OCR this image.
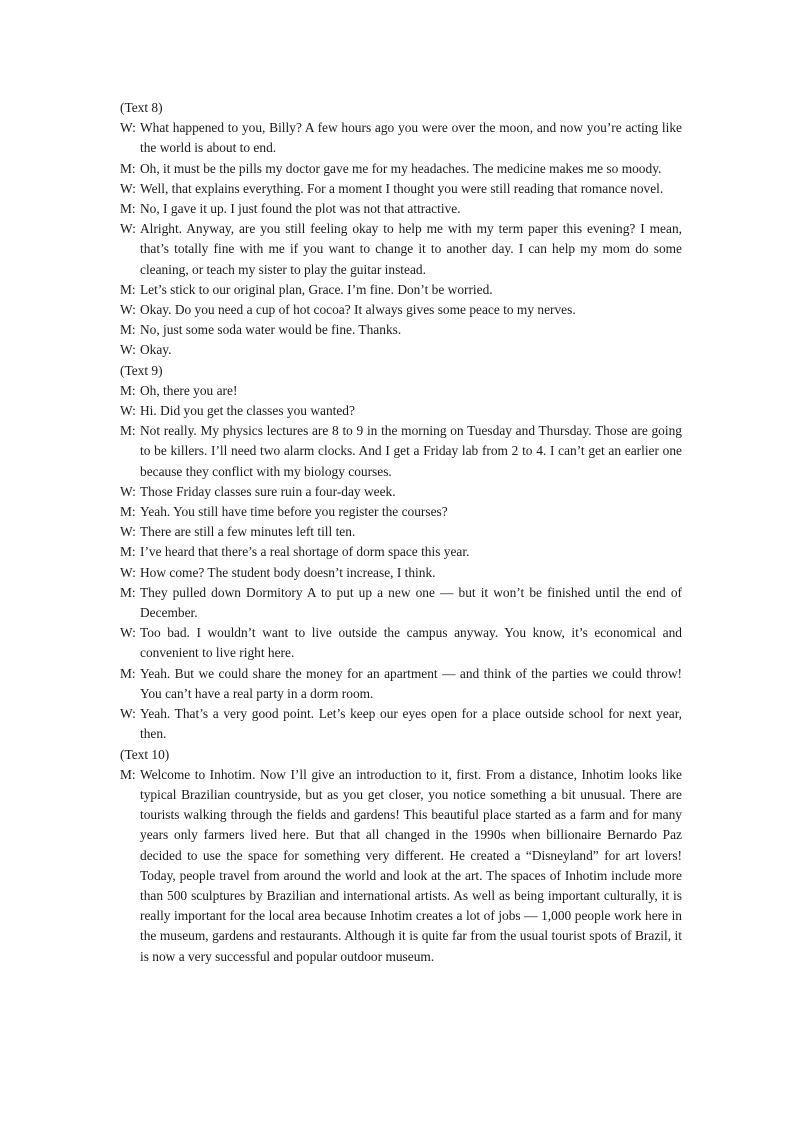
(Text 8)
W: What happened to you, Billy? A few hours ago you were over the moon, and now you’re acting like the world is about to end.
M: Oh, it must be the pills my doctor gave me for my headaches. The medicine makes me so moody.
W: Well, that explains everything. For a moment I thought you were still reading that romance novel.
M: No, I gave it up. I just found the plot was not that attractive.
W: Alright. Anyway, are you still feeling okay to help me with my term paper this evening? I mean, that’s totally fine with me if you want to change it to another day. I can help my mom do some cleaning, or teach my sister to play the guitar instead.
M: Let’s stick to our original plan, Grace. I’m fine. Don’t be worried.
W: Okay. Do you need a cup of hot cocoa? It always gives some peace to my nerves.
M: No, just some soda water would be fine. Thanks.
W: Okay.
(Text 9)
M: Oh, there you are!
W: Hi. Did you get the classes you wanted?
M: Not really. My physics lectures are 8 to 9 in the morning on Tuesday and Thursday. Those are going to be killers. I’ll need two alarm clocks. And I get a Friday lab from 2 to 4. I can’t get an earlier one because they conflict with my biology courses.
W: Those Friday classes sure ruin a four-day week.
M: Yeah. You still have time before you register the courses?
W: There are still a few minutes left till ten.
M: I’ve heard that there’s a real shortage of dorm space this year.
W: How come? The student body doesn’t increase, I think.
M: They pulled down Dormitory A to put up a new one — but it won’t be finished until the end of December.
W: Too bad. I wouldn’t want to live outside the campus anyway. You know, it’s economical and convenient to live right here.
M: Yeah. But we could share the money for an apartment — and think of the parties we could throw! You can’t have a real party in a dorm room.
W: Yeah. That’s a very good point. Let’s keep our eyes open for a place outside school for next year, then.
(Text 10)
M: Welcome to Inhotim. Now I’ll give an introduction to it, first. From a distance, Inhotim looks like typical Brazilian countryside, but as you get closer, you notice something a bit unusual. There are tourists walking through the fields and gardens! This beautiful place started as a farm and for many years only farmers lived here. But that all changed in the 1990s when billionaire Bernardo Paz decided to use the space for something very different. He created a “Disneyland” for art lovers! Today, people travel from around the world and look at the art. The spaces of Inhotim include more than 500 sculptures by Brazilian and international artists. As well as being important culturally, it is really important for the local area because Inhotim creates a lot of jobs — 1,000 people work here in the museum, gardens and restaurants. Although it is quite far from the usual tourist spots of Brazil, it is now a very successful and popular outdoor museum.
